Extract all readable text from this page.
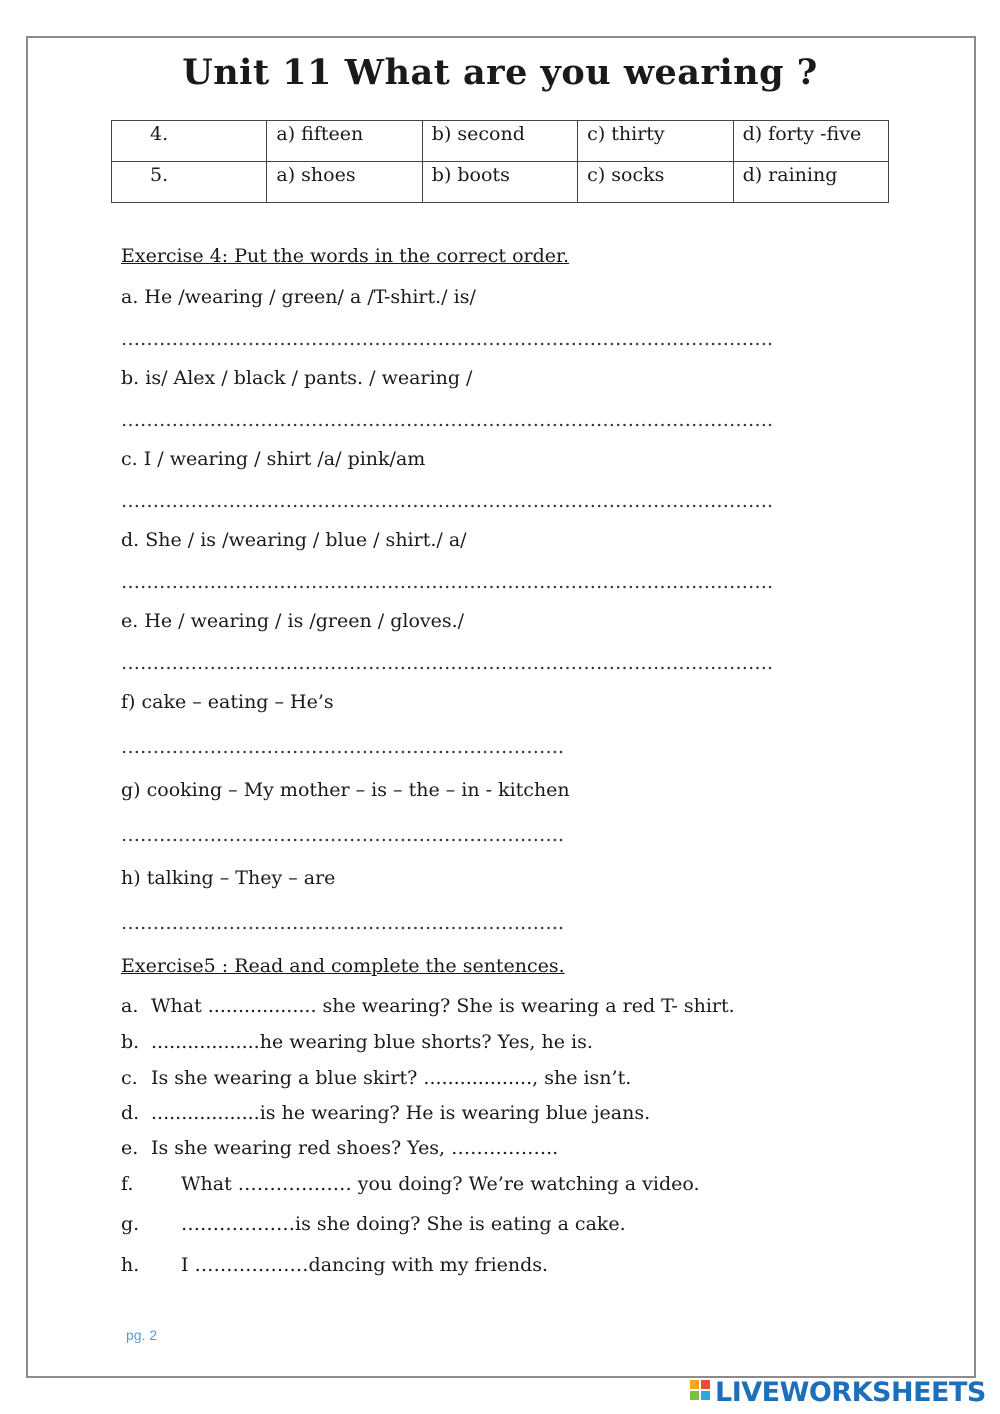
Unit 11 What are you wearing ?
4.	a) fifteen	b) second	c) thirty	d) forty -five
5.	a) shoes	b) boots	c) socks	d) raining
Exercise 4: Put the words in the correct order.
a. He /wearing / green/ a /T-shirt./ is/
………………………………………………………………………………………….
b. is/ Alex / black / pants. / wearing /
………………………………………………………………………………………….
c. I / wearing / shirt /a/ pink/am
………………………………………………………………………………………….
d. She / is /wearing / blue / shirt./ a/
………………………………………………………………………………………….
e. He / wearing / is /green / gloves./
………………………………………………………………………………………….
f) cake – eating – He’s
…………………………………………………………….
g) cooking – My mother – is – the – in - kitchen
…………………………………………………………….
h) talking – They – are
…………………………………………………………….
Exercise5 : Read and complete the sentences.
a. What .................. she wearing? She is wearing a red T- shirt.
b. ..................he wearing blue shorts? Yes, he is.
c. Is she wearing a blue skirt? .................., she isn’t.
d. ..................is he wearing? He is wearing blue jeans.
e. Is she wearing red shoes? Yes, ……………..
f.	What ……………… you doing? We’re watching a video.
g. ………………is she doing? She is eating a cake.
h. I ………………dancing with my friends.
pg. 2
LIVEWORKSHEETS
